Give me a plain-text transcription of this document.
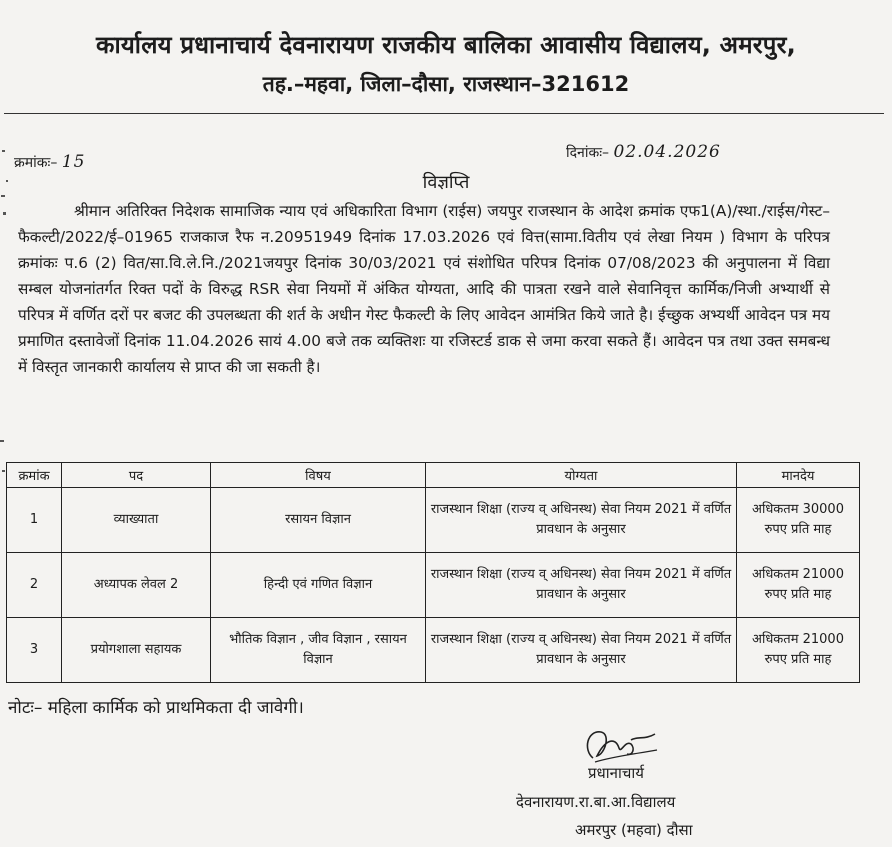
कार्यालय प्रधानाचार्य देवनारायण राजकीय बालिका आवासीय विद्यालय, अमरपुर,
तह.–महवा, जिला–दौसा, राजस्थान–321612
क्रमांकः– 15	दिनांकः– 02.04.2026
विज्ञप्ति
श्रीमान अतिरिक्त निदेशक सामाजिक न्याय एवं अधिकारिता विभाग (राईस) जयपुर राजस्थान के आदेश क्रमांक एफ1(A)/स्था./राईस/गेस्ट–फैकल्टी/2022/ई–01965 राजकाज रैफ न.20951949 दिनांक 17.03.2026 एवं वित्त(सामा.वितीय एवं लेखा नियम ) विभाग के परिपत्र क्रमांकः प.6 (2) वित/सा.वि.ले.नि./2021जयपुर दिनांक 30/03/2021 एवं संशोधित परिपत्र दिनांक 07/08/2023 की अनुपालना में विद्या सम्बल योजनांतर्गत रिक्त पदों के विरुद्ध RSR सेवा नियमों में अंकित योग्यता, आदि की पात्रता रखने वाले सेवानिवृत्त कार्मिक/निजी अभ्यार्थी से परिपत्र में वर्णित दरों पर बजट की उपलब्धता की शर्त के अधीन गेस्ट फैकल्टी के लिए आवेदन आमंत्रित किये जाते है। ईच्छुक अभ्यर्थी आवेदन पत्र मय प्रमाणित दस्तावेजों दिनांक 11.04.2026 सायं 4.00 बजे तक व्यक्तिशः या रजिस्टर्ड डाक से जमा करवा सकते हैं। आवेदन पत्र तथा उक्त समबन्ध में विस्तृत जानकारी कार्यालय से प्राप्त की जा सकती है।
क्रमांक	पद	विषय	योग्यता	मानदेय
1	व्याख्याता	रसायन विज्ञान	राजस्थान शिक्षा (राज्य व् अधिनस्थ) सेवा नियम 2021 में वर्णित प्रावधान के अनुसार	अधिकतम 30000 रुपए प्रति माह
2	अध्यापक लेवल 2	हिन्दी एवं गणित विज्ञान	राजस्थान शिक्षा (राज्य व् अधिनस्थ) सेवा नियम 2021 में वर्णित प्रावधान के अनुसार	अधिकतम 21000 रुपए प्रति माह
3	प्रयोगशाला सहायक	भौतिक विज्ञान , जीव विज्ञान , रसायन विज्ञान	राजस्थान शिक्षा (राज्य व् अधिनस्थ) सेवा नियम 2021 में वर्णित प्रावधान के अनुसार	अधिकतम 21000 रुपए प्रति माह
नोटः– महिला कार्मिक को प्राथमिकता दी जावेगी।
प्रधानाचार्य
देवनारायण.रा.बा.आ.विद्यालय
अमरपुर (महवा) दौसा
